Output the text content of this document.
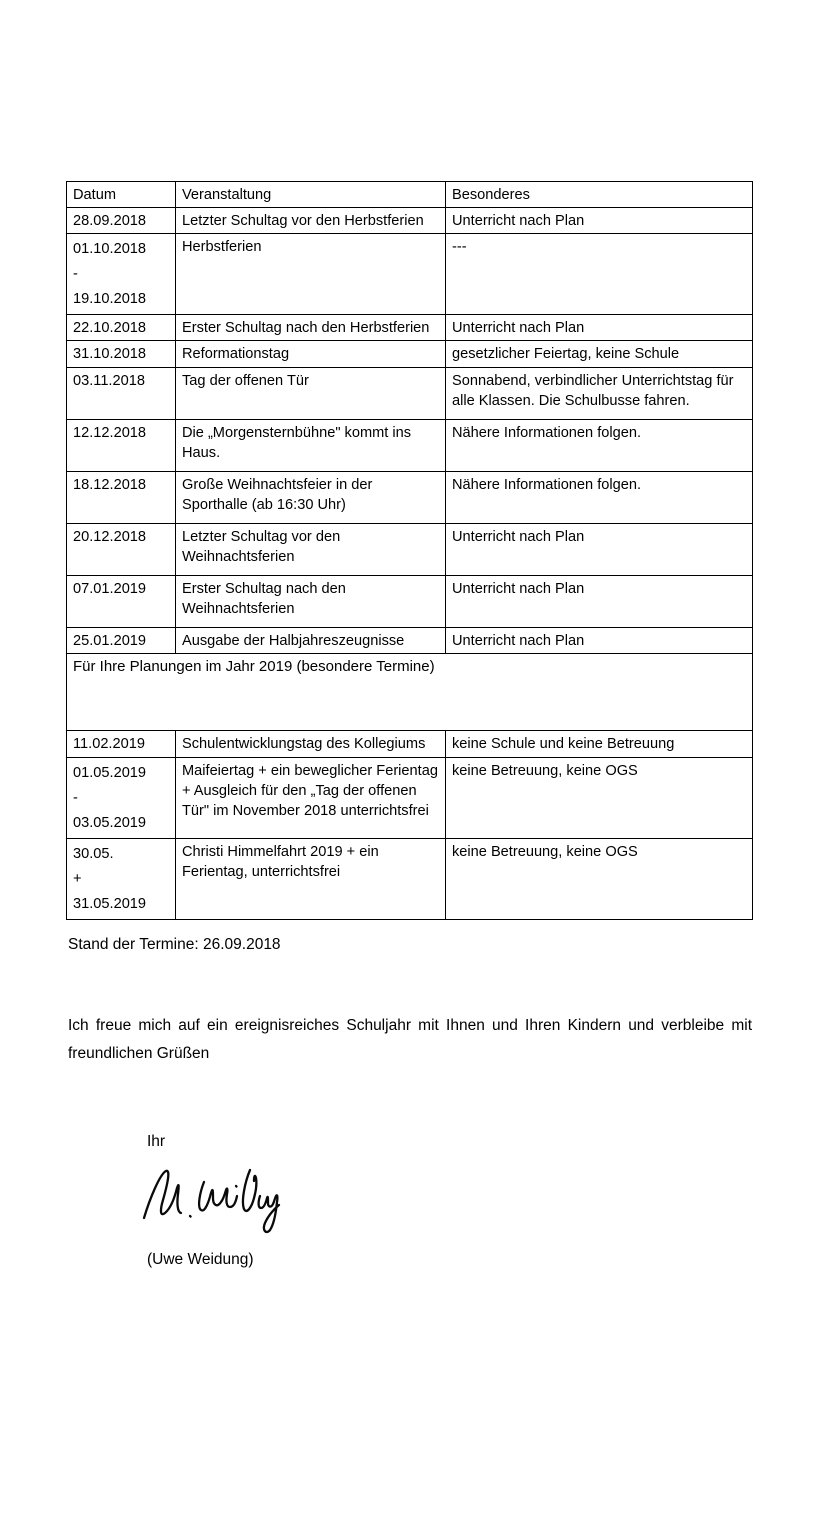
Datum	Veranstaltung	Besonderes
28.09.2018	Letzter Schultag vor den Herbstferien	Unterricht nach Plan

01.10.2018
-
19.10.2018	Herbstferien	---
22.10.2018	Erster Schultag nach den Herbstferien	Unterricht nach Plan
31.10.2018	Reformationstag	gesetzlicher Feiertag, keine Schule
03.11.2018	Tag der offenen Tür	Sonnabend, verbindlicher Unterrichtstag für alle Klassen. Die Schulbusse fahren.
12.12.2018	Die „Morgensternbühne" kommt ins Haus.	Nähere Informationen folgen.
18.12.2018	Große Weihnachtsfeier in der Sporthalle (ab 16:30 Uhr)	Nähere Informationen folgen.
20.12.2018	Letzter Schultag vor den Weihnachtsferien	Unterricht nach Plan
07.01.2019	Erster Schultag nach den Weihnachtsferien	Unterricht nach Plan
25.01.2019	Ausgabe der Halbjahreszeugnisse	Unterricht nach Plan
Für Ihre Planungen im Jahr 2019 (besondere Termine)		
11.02.2019	Schulentwicklungstag des Kollegiums	keine Schule und keine Betreuung

01.05.2019
-
03.05.2019	Maifeiertag + ein beweglicher Ferientag + Ausgleich für den „Tag der offenen Tür" im November 2018 unterrichtsfrei	keine Betreuung, keine OGS

30.05.
+
31.05.2019	Christi Himmelfahrt 2019 + ein Ferientag, unterrichtsfrei	keine Betreuung, keine OGS
Stand der Termine: 26.09.2018
Ich freue mich auf ein ereignisreiches Schuljahr mit Ihnen und Ihren Kindern und verbleibe mit freundlichen Grüßen
Ihr
(Uwe Weidung)
